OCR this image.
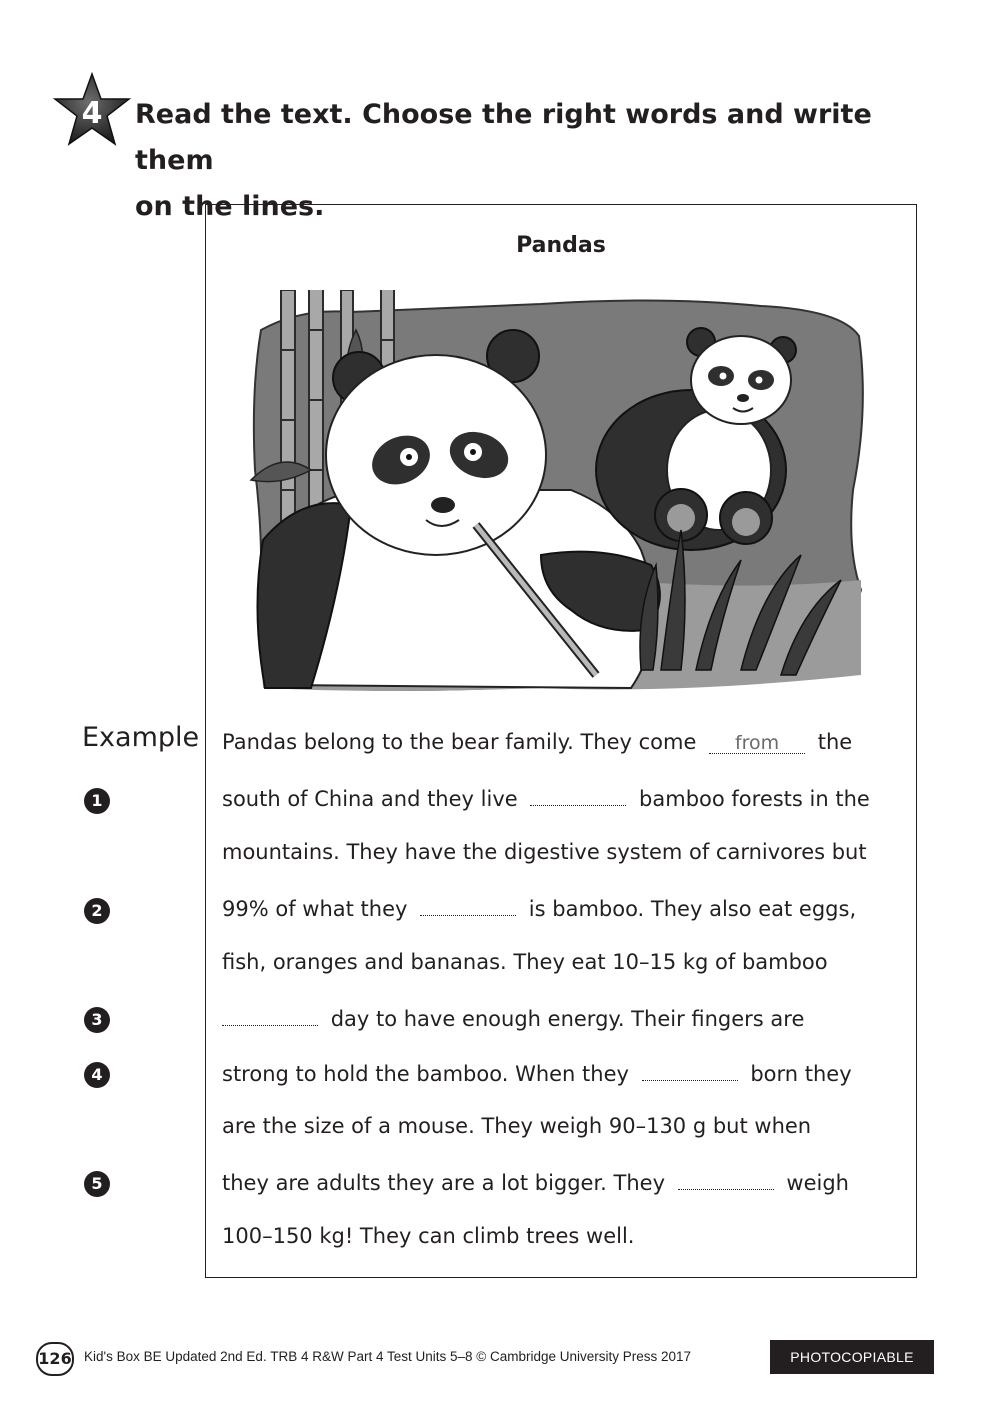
4 Read the text. Choose the right words and write them
on the lines.
Pandas
Example
1
2
3
4
5
Pandas belong to the bear family. They come from the
south of China and they live	bamboo forests in the
mountains. They have the digestive system of carnivores but
99% of what they	is bamboo. They also eat eggs,
fish, oranges and bananas. They eat 10–15 kg of bamboo
day to have enough energy. Their fingers are
strong to hold the bamboo. When they	born they
are the size of a mouse. They weigh 90–130 g but when
they are adults they are a lot bigger. They	weigh
100–150 kg! They can climb trees well.
126 Kid's Box BE Updated 2nd Ed. TRB 4 R&W Part 4 Test Units 5–8 © Cambridge University Press 2017	PHOTOCOPIABLE
